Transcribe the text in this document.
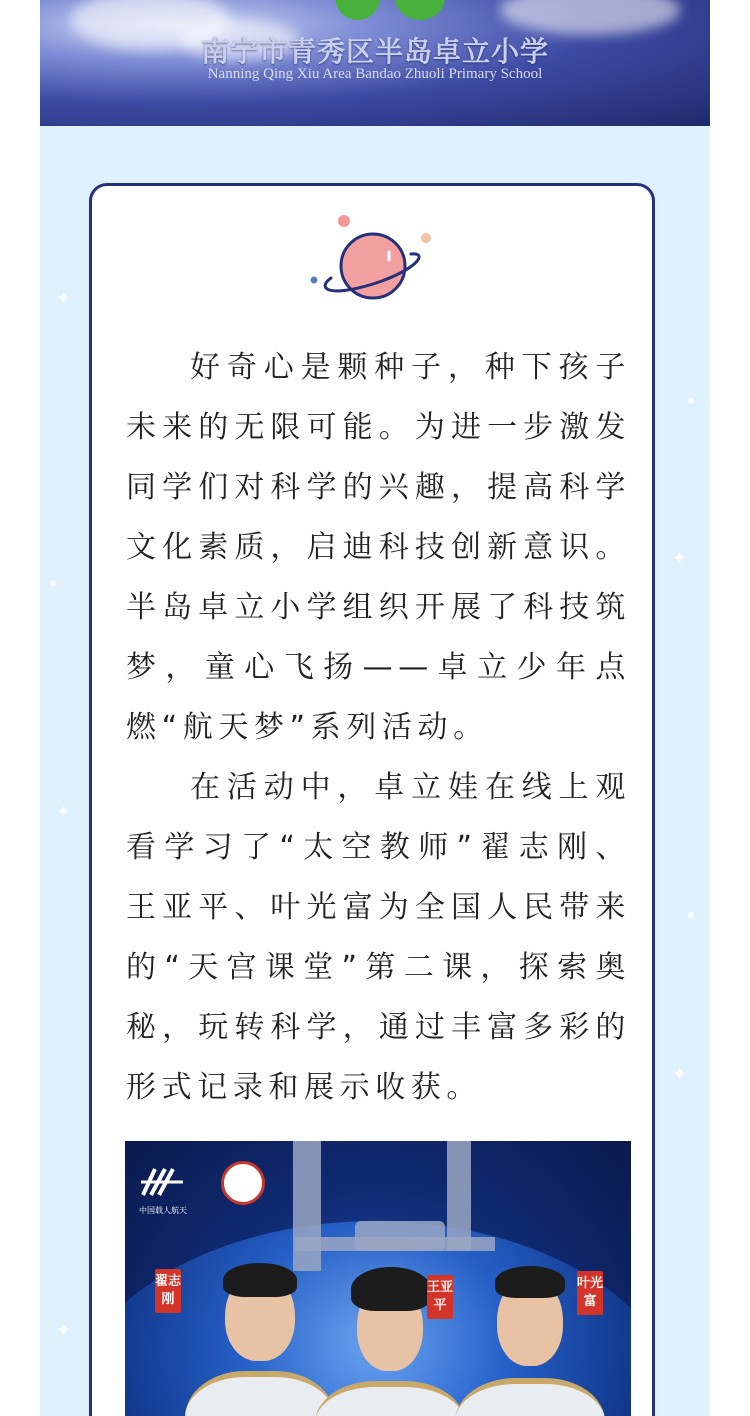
南宁市青秀区半岛卓立小学
Nanning Qing Xiu Area Bandao Zhuoli Primary School
✦
✦
✦
✦
✦

好奇心是颗种子，种下孩子未来的无限可能。为进一步激发同学们对科学的兴趣，提高科学文化素质，启迪科技创新意识。半岛卓立小学组织开展了科技筑梦，童心飞扬——卓立少年点燃“航天梦”系列活动。

在活动中，卓立娃在线上观看学习了“太空教师”翟志刚、王亚平、叶光富为全国人民带来的“天宫课堂”第二课，探索奥秘，玩转科学，通过丰富多彩的形式记录和展示收获。

中国载人航天
翟志刚
王亚平
叶光富
